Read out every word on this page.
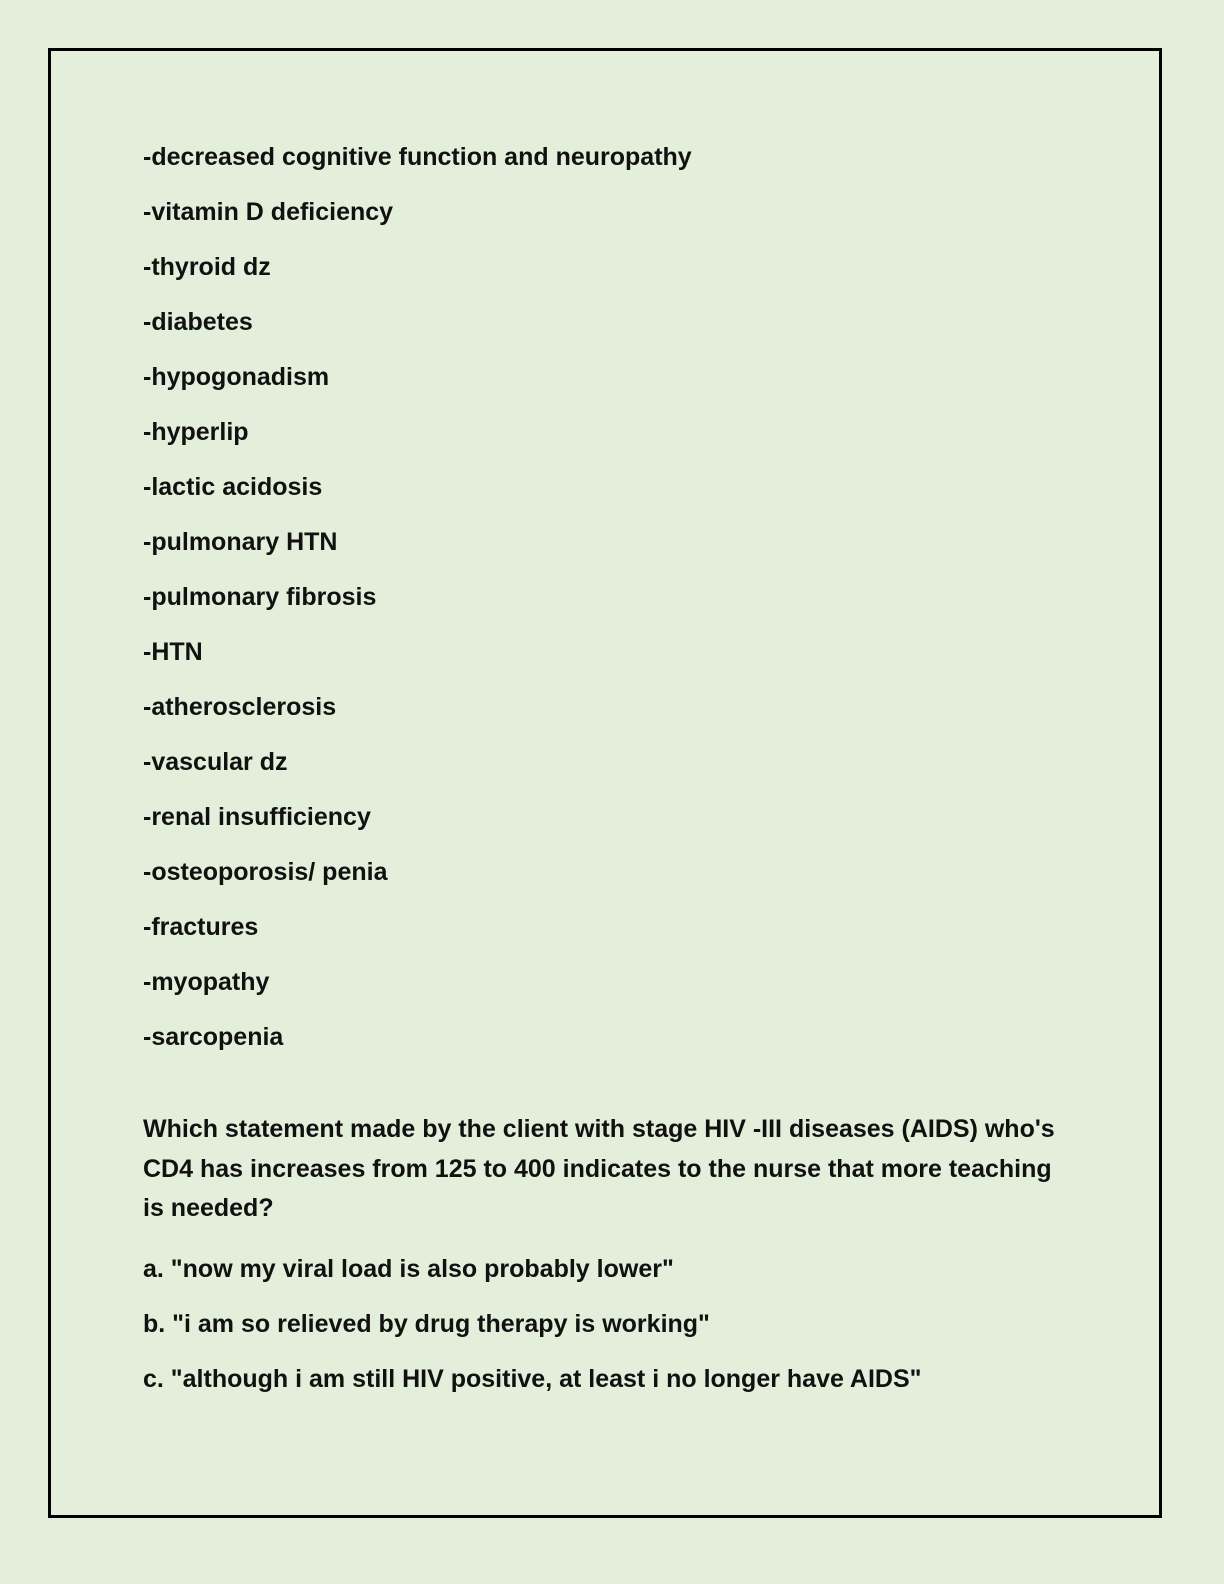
-decreased cognitive function and neuropathy
-vitamin D deficiency
-thyroid dz
-diabetes
-hypogonadism
-hyperlip
-lactic acidosis
-pulmonary HTN
-pulmonary fibrosis
-HTN
-atherosclerosis
-vascular dz
-renal insufficiency
-osteoporosis/ penia
-fractures
-myopathy
-sarcopenia

Which statement made by the client with stage HIV -III diseases (AIDS) who's CD4 has increases from 125 to 400 indicates to the nurse that more teaching is needed?

a. "now my viral load is also probably lower"
b. "i am so relieved by drug therapy is working"
c. "although i am still HIV positive, at least i no longer have AIDS"
